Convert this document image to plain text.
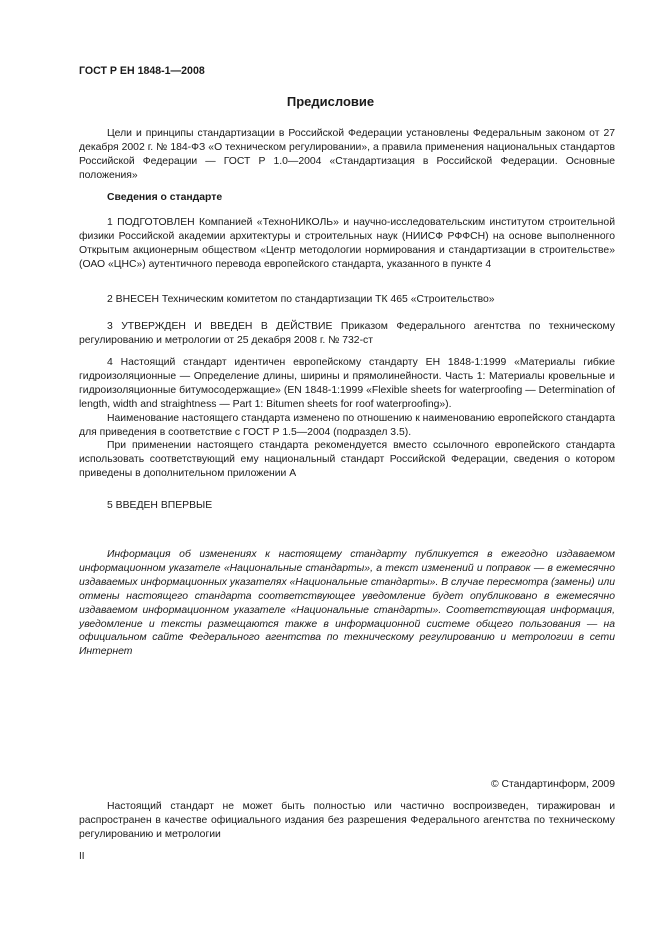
ГОСТ Р ЕН 1848-1—2008
Предисловие

Цели и принципы стандартизации в Российской Федерации установлены Федеральным законом от 27 декабря 2002 г. № 184-ФЗ «О техническом регулировании», а правила применения национальных стандартов Российской Федерации — ГОСТ Р 1.0—2004 «Стандартизация в Российской Федерации. Основные положения»

Сведения о стандарте

1 ПОДГОТОВЛЕН Компанией «ТехноНИКОЛЬ» и научно-исследовательским институтом строительной физики Российской академии архитектуры и строительных наук (НИИСФ РФФСН) на основе выполненного Открытым акционерным обществом «Центр методологии нормирования и стандартизации в строительстве» (ОАО «ЦНС») аутентичного перевода европейского стандарта, указанного в пункте 4

2 ВНЕСЕН Техническим комитетом по стандартизации ТК 465 «Строительство»

3 УТВЕРЖДЕН И ВВЕДЕН В ДЕЙСТВИЕ Приказом Федерального агентства по техническому регулированию и метрологии от 25 декабря 2008 г. № 732-ст

4 Настоящий стандарт идентичен европейскому стандарту ЕН 1848-1:1999 «Материалы гибкие гидроизоляционные — Определение длины, ширины и прямолинейности. Часть 1: Материалы кровельные и гидроизоляционные битумосодержащие» (EN 1848-1:1999 «Flexible sheets for waterproofing — Determination of length, width and straightness — Part 1: Bitumen sheets for roof waterproofing»).

Наименование настоящего стандарта изменено по отношению к наименованию европейского стандарта для приведения в соответствие с ГОСТ Р 1.5—2004 (подраздел 3.5).

При применении настоящего стандарта рекомендуется вместо ссылочного европейского стандарта использовать соответствующий ему национальный стандарт Российской Федерации, сведения о котором приведены в дополнительном приложении А

5 ВВЕДЕН ВПЕРВЫЕ

Информация об изменениях к настоящему стандарту публикуется в ежегодно издаваемом информационном указателе «Национальные стандарты», а текст изменений и поправок — в ежемесячно издаваемых информационных указателях «Национальные стандарты». В случае пересмотра (замены) или отмены настоящего стандарта соответствующее уведомление будет опубликовано в ежемесячно издаваемом информационном указателе «Национальные стандарты». Соответствующая информация, уведомление и тексты размещаются также в информационной системе общего пользования — на официальном сайте Федерального агентства по техническому регулированию и метрологии в сети Интернет

© Стандартинформ, 2009

Настоящий стандарт не может быть полностью или частично воспроизведен, тиражирован и распространен в качестве официального издания без разрешения Федерального агентства по техническому регулированию и метрологии

II
